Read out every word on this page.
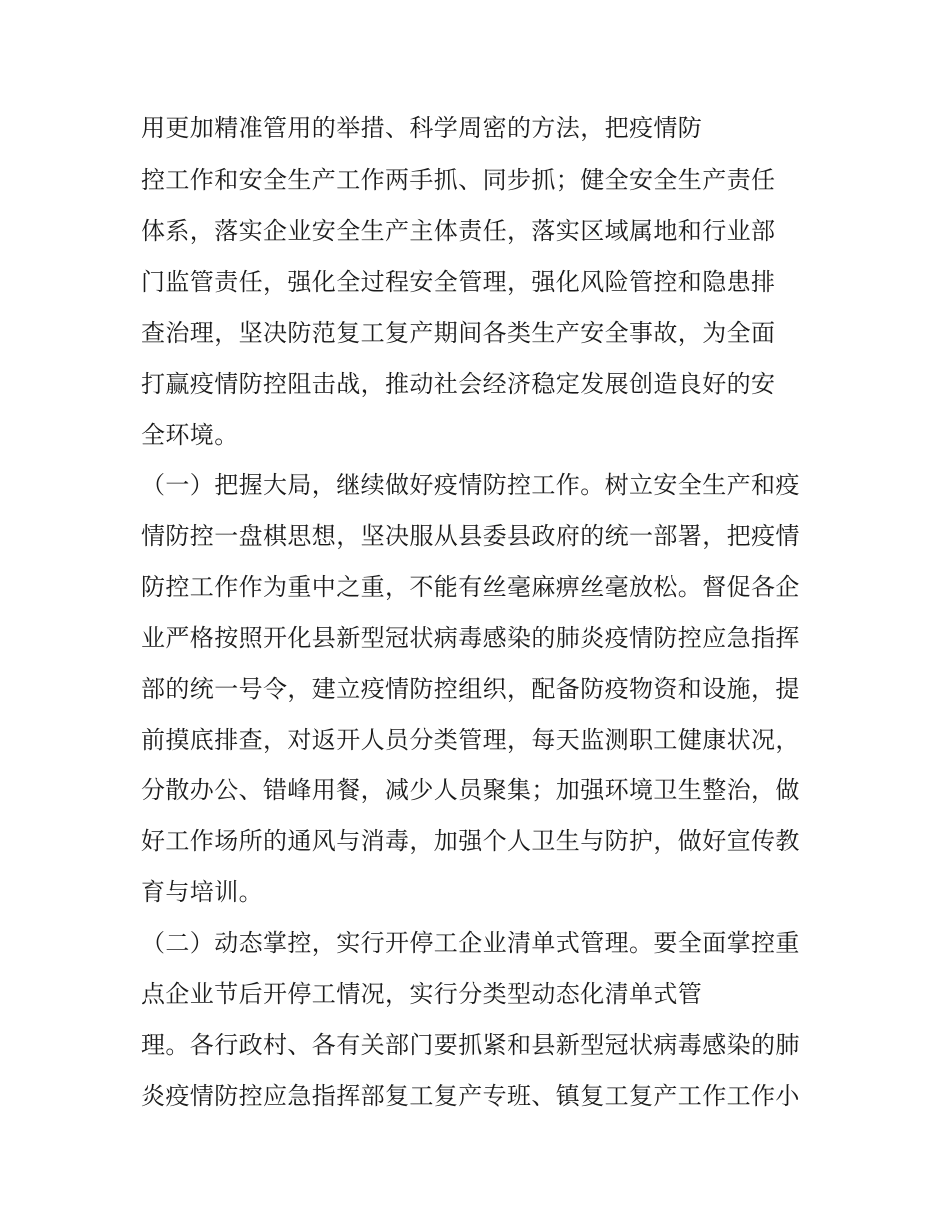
用更加精准管用的举措、科学周密的方法，把疫情防
控工作和安全生产工作两手抓、同步抓；健全安全生产责任
体系，落实企业安全生产主体责任，落实区域属地和行业部
门监管责任，强化全过程安全管理，强化风险管控和隐患排
查治理，坚决防范复工复产期间各类生产安全事故，为全面
打赢疫情防控阻击战，推动社会经济稳定发展创造良好的安
全环境。
（一）把握大局，继续做好疫情防控工作。树立安全生产和疫
情防控一盘棋思想，坚决服从县委县政府的统一部署，把疫情
防控工作作为重中之重，不能有丝毫麻痹丝毫放松。督促各企
业严格按照开化县新型冠状病毒感染的肺炎疫情防控应急指挥
部的统一号令，建立疫情防控组织，配备防疫物资和设施，提
前摸底排查，对返开人员分类管理，每天监测职工健康状况，
分散办公、错峰用餐，减少人员聚集；加强环境卫生整治，做
好工作场所的通风与消毒，加强个人卫生与防护，做好宣传教
育与培训。
（二）动态掌控，实行开停工企业清单式管理。要全面掌控重
点企业节后开停工情况，实行分类型动态化清单式管
理。各行政村、各有关部门要抓紧和县新型冠状病毒感染的肺
炎疫情防控应急指挥部复工复产专班、镇复工复产工作工作小
